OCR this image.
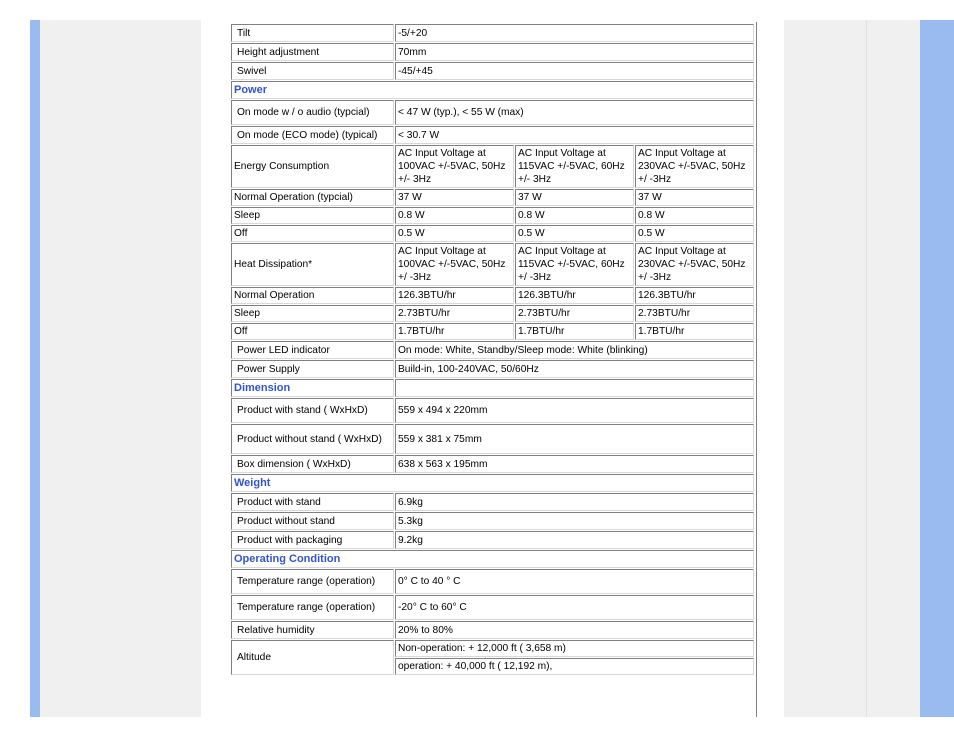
Tilt	-5/+20		
Height adjustment	70mm		
Swivel	-45/+45		
Power			
On mode w / o audio (typcial)	< 47 W (typ.), < 55 W (max)		
On mode (ECO mode) (typical)	< 30.7 W		
Energy Consumption	AC Input Voltage at 100VAC +/-5VAC, 50Hz +/- 3Hz	AC Input Voltage at 115VAC +/-5VAC, 60Hz +/- 3Hz	AC Input Voltage at 230VAC +/-5VAC, 50Hz +/ -3Hz
Normal Operation (typcial)	37 W	37 W	37 W
Sleep	0.8 W	0.8 W	0.8 W
Off	0.5 W	0.5 W	0.5 W
Heat Dissipation*	AC Input Voltage at 100VAC +/-5VAC, 50Hz +/ -3Hz	AC Input Voltage at 115VAC +/-5VAC, 60Hz +/ -3Hz	AC Input Voltage at 230VAC +/-5VAC, 50Hz +/ -3Hz
Normal Operation	126.3BTU/hr	126.3BTU/hr	126.3BTU/hr
Sleep	2.73BTU/hr	2.73BTU/hr	2.73BTU/hr
Off	1.7BTU/hr	1.7BTU/hr	1.7BTU/hr
Power LED indicator	On mode: White, Standby/Sleep mode: White (blinking)		
Power Supply	Build-in, 100-240VAC, 50/60Hz		
Dimension			
Product with stand ( WxHxD)	559 x 494 x 220mm		
Product without stand ( WxHxD)	559 x 381 x 75mm		
Box dimension ( WxHxD)	638 x 563 x 195mm		
Weight			
Product with stand	6.9kg		
Product without stand	5.3kg		
Product with packaging	9.2kg		
Operating Condition			
Temperature range (operation)	0° C to 40 ° C		
Temperature range (operation)	-20° C to 60° C		
Relative humidity	20% to 80%		
Altitude	Non-operation: + 12,000 ft ( 3,658 m)		
	operation: + 40,000 ft ( 12,192 m),		
